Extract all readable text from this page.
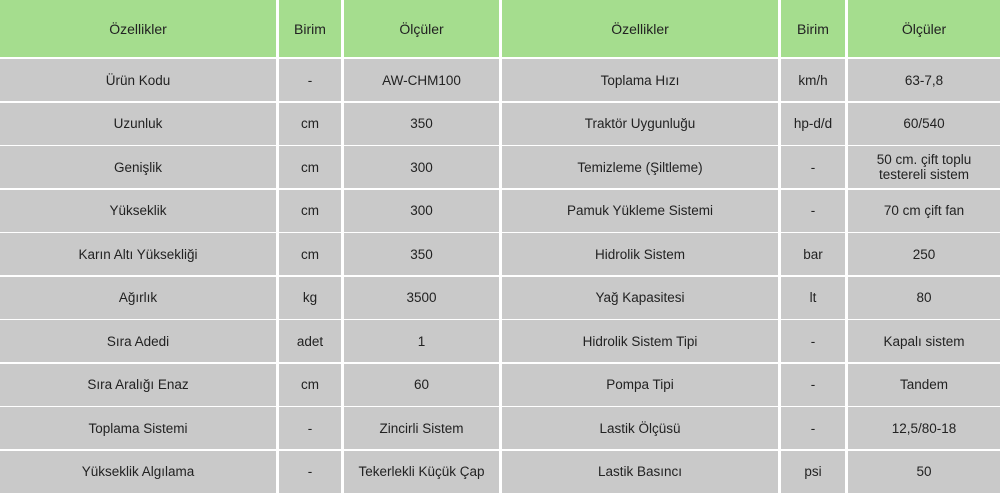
Özellikler	Birim	Ölçüler	Özellikler	Birim	Ölçüler
Ürün Kodu	-	AW-CHM100	Toplama Hızı	km/h	63-7,8
Uzunluk	cm	350	Traktör Uygunluğu	hp-d/d	60/540
Genişlik	cm	300	Temizleme (Şiltleme)	-	50 cm. çift toplu testereli sistem
Yükseklik	cm	300	Pamuk Yükleme Sistemi	-	70 cm çift fan
Karın Altı Yüksekliği	cm	350	Hidrolik Sistem	bar	250
Ağırlık	kg	3500	Yağ Kapasitesi	lt	80
Sıra Adedi	adet	1	Hidrolik Sistem Tipi	-	Kapalı sistem
Sıra Aralığı Enaz	cm	60	Pompa Tipi	-	Tandem
Toplama Sistemi	-	Zincirli Sistem	Lastik Ölçüsü	-	12,5/80-18
Yükseklik Algılama	-	Tekerlekli Küçük Çap	Lastik Basıncı	psi	50
